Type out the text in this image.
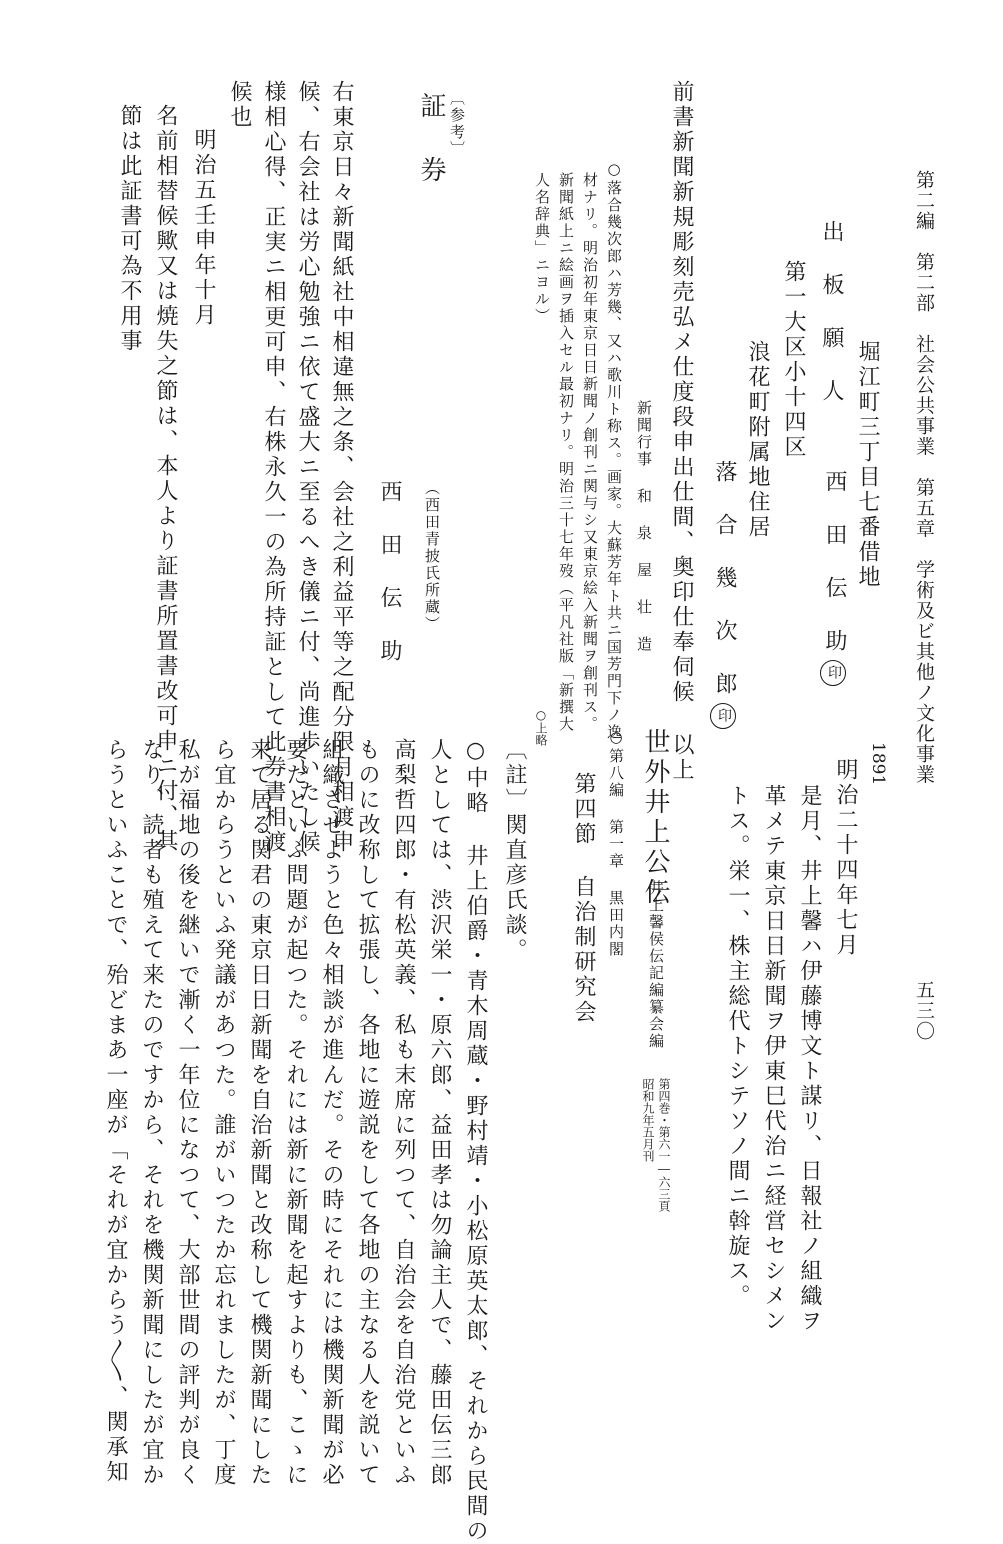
第二編　第二部　社会公共事業　第五章　学術及ビ其他ノ文化事業
五三〇
堀江町三丁目七番借地
出 板 願 人
西 田 伝 助印
第一大区小十四区
浪花町附属地住居
落 合 幾 次 郎印
前書新聞新規彫刻売弘メ仕度段申出仕間、奥印仕奉伺候 以上
新聞行事 和 泉 屋 壮 造
○落合幾次郎ハ芳幾、又ハ歌川ト称ス。画家。大蘇芳年ト共ニ国芳門下ノ逸
材ナリ。明治初年東京日日新聞ノ創刊ニ関与シ又東京絵入新聞ヲ創刊ス。
新聞紙上ニ絵画ヲ插入セル最初ナリ。明治三十七年歿（平凡社版「新撰大
人名辞典」ニヨル）
〔参考〕
証 券
（西田青披氏所蔵）
西 田 伝 助
右東京日々新聞紙社中相違無之条、会社之利益平等之配分限月相渡申
候、右会社は労心勉強ニ依て盛大ニ至るへき儀ニ付、尚進歩いたし候
様相心得、正実ニ相更可申、右株永久一の為所持証として此券書相渡
候也
明治五壬申年十月
名前相替候歟又は焼失之節は、本人より証書所置書改可申ニ付、其
節は此証書可為不用事
1891
明治二十四年七月
是月、井上馨ハ伊藤博文ト謀リ、日報社ノ組織ヲ
革メテ東京日日新聞ヲ伊東巳代治ニ経営セシメン
トス。栄一、株主総代トシテソノ間ニ斡旋ス。
○上略
世外井上公伝
井上馨侯伝記編纂会編
第四巻・第六一―六三頁
昭和九年五月刊
○第八編 第一章 黒田内閣
第四節 自治制研究会
〔註〕関直彦氏談。
○中略 井上伯爵・青木周蔵・野村靖・小松原英太郎、それから民間の
人としては、渋沢栄一・原六郎、益田孝は勿論主人で、藤田伝三郎
高梨哲四郎・有松英義、私も末席に列つて、自治会を自治党といふ
ものに改称して拡張し、各地に遊説をして各地の主なる人を説いて
組織させようと色々相談が進んだ。その時にそれには機関新聞が必
要だといふ問題が起つた。それには新に新聞を起すよりも、こゝに
来て居る関君の東京日日新聞を自治新聞と改称して機関新聞にした
ら宜からうといふ発議があつた。誰がいつたか忘れましたが、丁度
私が福地の後を継いで漸く一年位になつて、大部世間の評判が良く
なり、読者も殖えて来たのですから、それを機関新聞にしたが宜か
らうといふことで、殆どまあ一座が「それが宜からう〳〵、関承知
